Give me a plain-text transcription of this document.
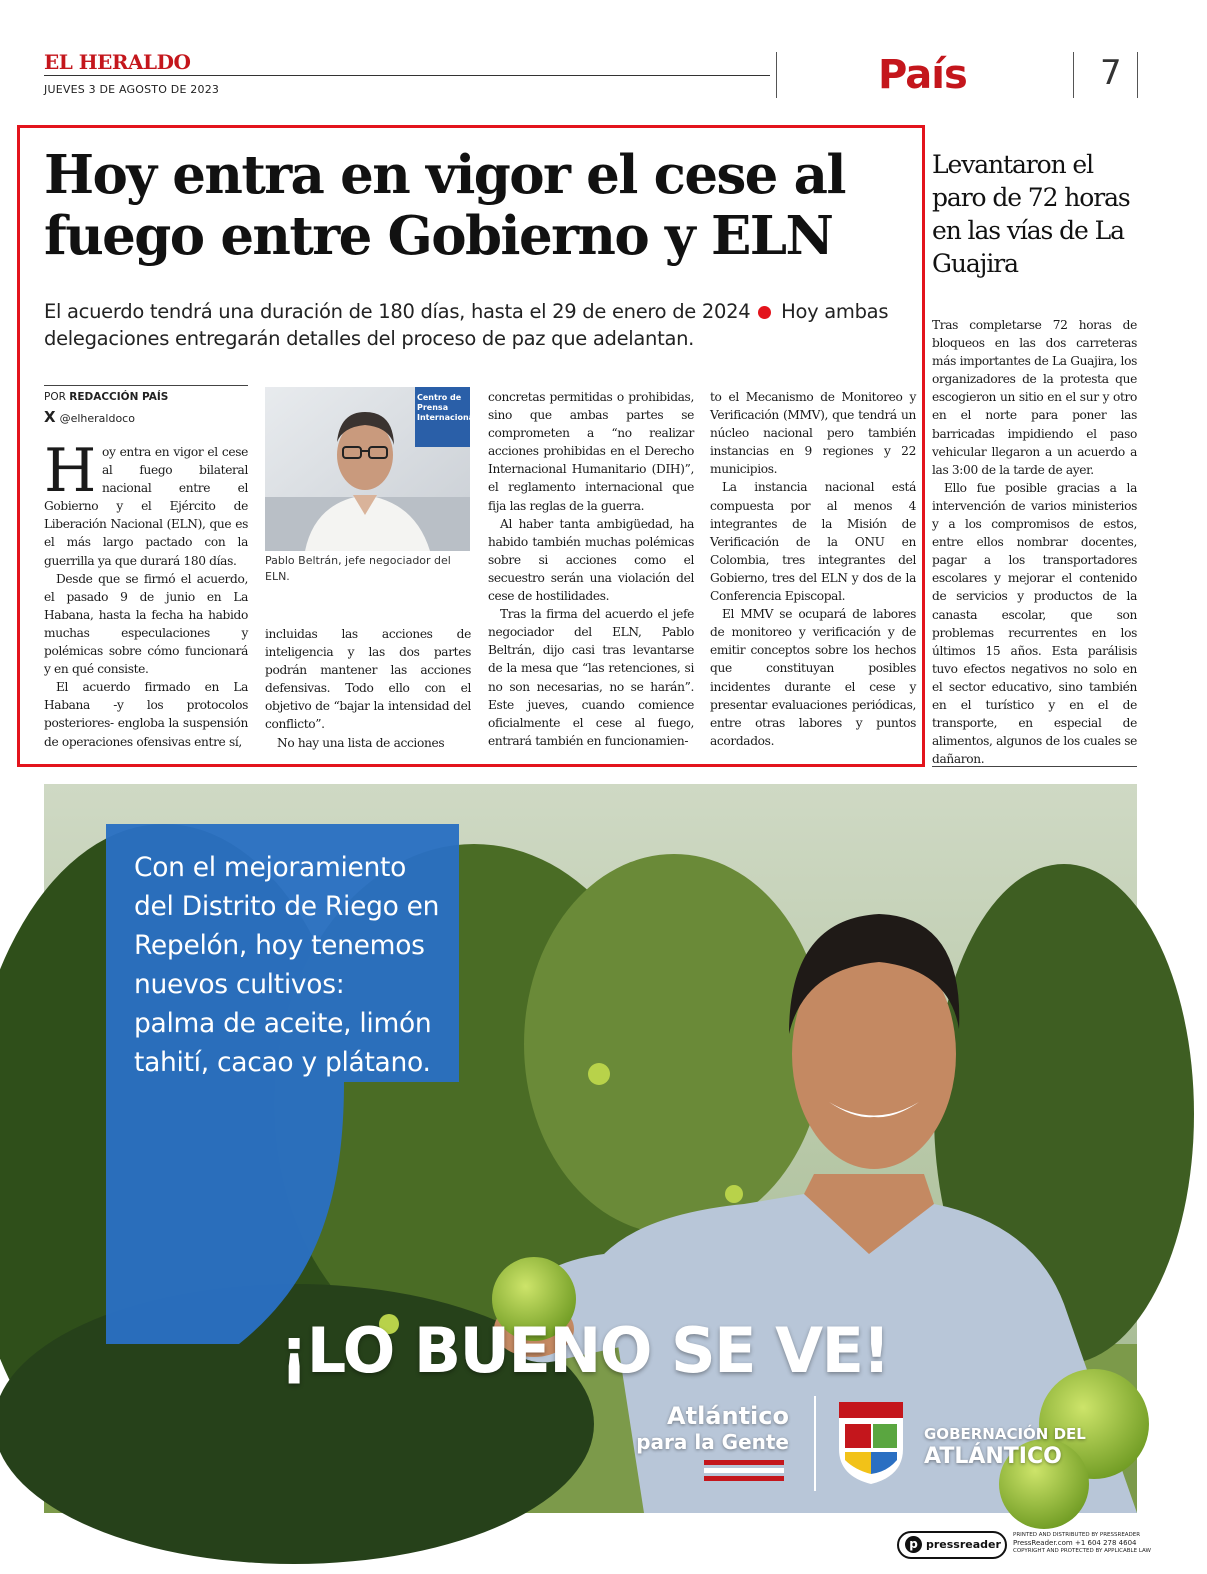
EL HERALDO
JUEVES 3 DE AGOSTO DE 2023	País	7
Hoy entra en vigor el cese al fuego entre Gobierno y ELN
El acuerdo tendrá una duración de 180 días, hasta el 29 de enero de 2024 Hoy ambas delegaciones entregarán detalles del proceso de paz que adelantan.
POR REDACCIÓN PAÍS
X @elheraldoco

Hoy entra en vigor el cese al fuego bilateral nacional entre el Gobierno y el Ejército de Liberación Nacional (ELN), que es el más largo pactado con la guerrilla ya que durará 180 días.

Desde que se firmó el acuerdo, el pasado 9 de junio en La Habana, hasta la fecha ha habido muchas especulaciones y polémicas sobre cómo funcionará y en qué consiste.

El acuerdo firmado en La Habana -y los protocolos posteriores- engloba la suspensión de operaciones ofensivas entre sí,

Centro de Prensa Internacional
Pablo Beltrán, jefe negociador del ELN.

incluidas las acciones de inteligencia y las dos partes podrán mantener las acciones defensivas. Todo ello con el objetivo de “bajar la intensidad del conflicto”.

No hay una lista de acciones

concretas permitidas o prohibidas, sino que ambas partes se comprometen a “no realizar acciones prohibidas en el Derecho Internacional Humanitario (DIH)”, el reglamento internacional que fija las reglas de la guerra.

Al haber tanta ambigüedad, ha habido también muchas polémicas sobre si acciones como el secuestro serán una violación del cese de hostilidades.

Tras la firma del acuerdo el jefe negociador del ELN, Pablo Beltrán, dijo casi tras levantarse de la mesa que “las retenciones, si no son necesarias, no se harán”. Este jueves, cuando comience oficialmente el cese al fuego, entrará también en funcionamien-

to el Mecanismo de Monitoreo y Verificación (MMV), que tendrá un núcleo nacional pero también instancias en 9 regiones y 22 municipios.

La instancia nacional está compuesta por al menos 4 integrantes de la Misión de Verificación de la ONU en Colombia, tres integrantes del Gobierno, tres del ELN y dos de la Conferencia Episcopal.

El MMV se ocupará de labores de monitoreo y verificación y de emitir conceptos sobre los hechos que constituyan posibles incidentes durante el cese y presentar evaluaciones periódicas, entre otras labores y puntos acordados.

Levantaron el paro de 72 horas en las vías de La Guajira

Tras completarse 72 horas de bloqueos en las dos carreteras más importantes de La Guajira, los organizadores de la protesta que escogieron un sitio en el sur y otro en el norte para poner las barricadas impidiendo el paso vehicular llegaron a un acuerdo a las 3:00 de la tarde de ayer.

Ello fue posible gracias a la intervención de varios ministerios y a los compromisos de estos, entre ellos nombrar docentes, pagar a los transportadores escolares y mejorar el contenido de servicios y productos de la canasta escolar, que son problemas recurrentes en los últimos 15 años. Esta parálisis tuvo efectos negativos no solo en el sector educativo, sino también en el turístico y en el de transporte, en especial de alimentos, algunos de los cuales se dañaron.

Con el mejoramiento
del Distrito de Riego en
Repelón, hoy tenemos
nuevos cultivos:
palma de aceite, limón
tahití, cacao y plátano.
¡LO BUENO SE VE!
Atlántico
para la Gente	GOBERNACIÓN DEL
ATLÁNTICO
p pressreader
PRINTED AND DISTRIBUTED BY PRESSREADER
PressReader.com +1 604 278 4604
COPYRIGHT AND PROTECTED BY APPLICABLE LAW
